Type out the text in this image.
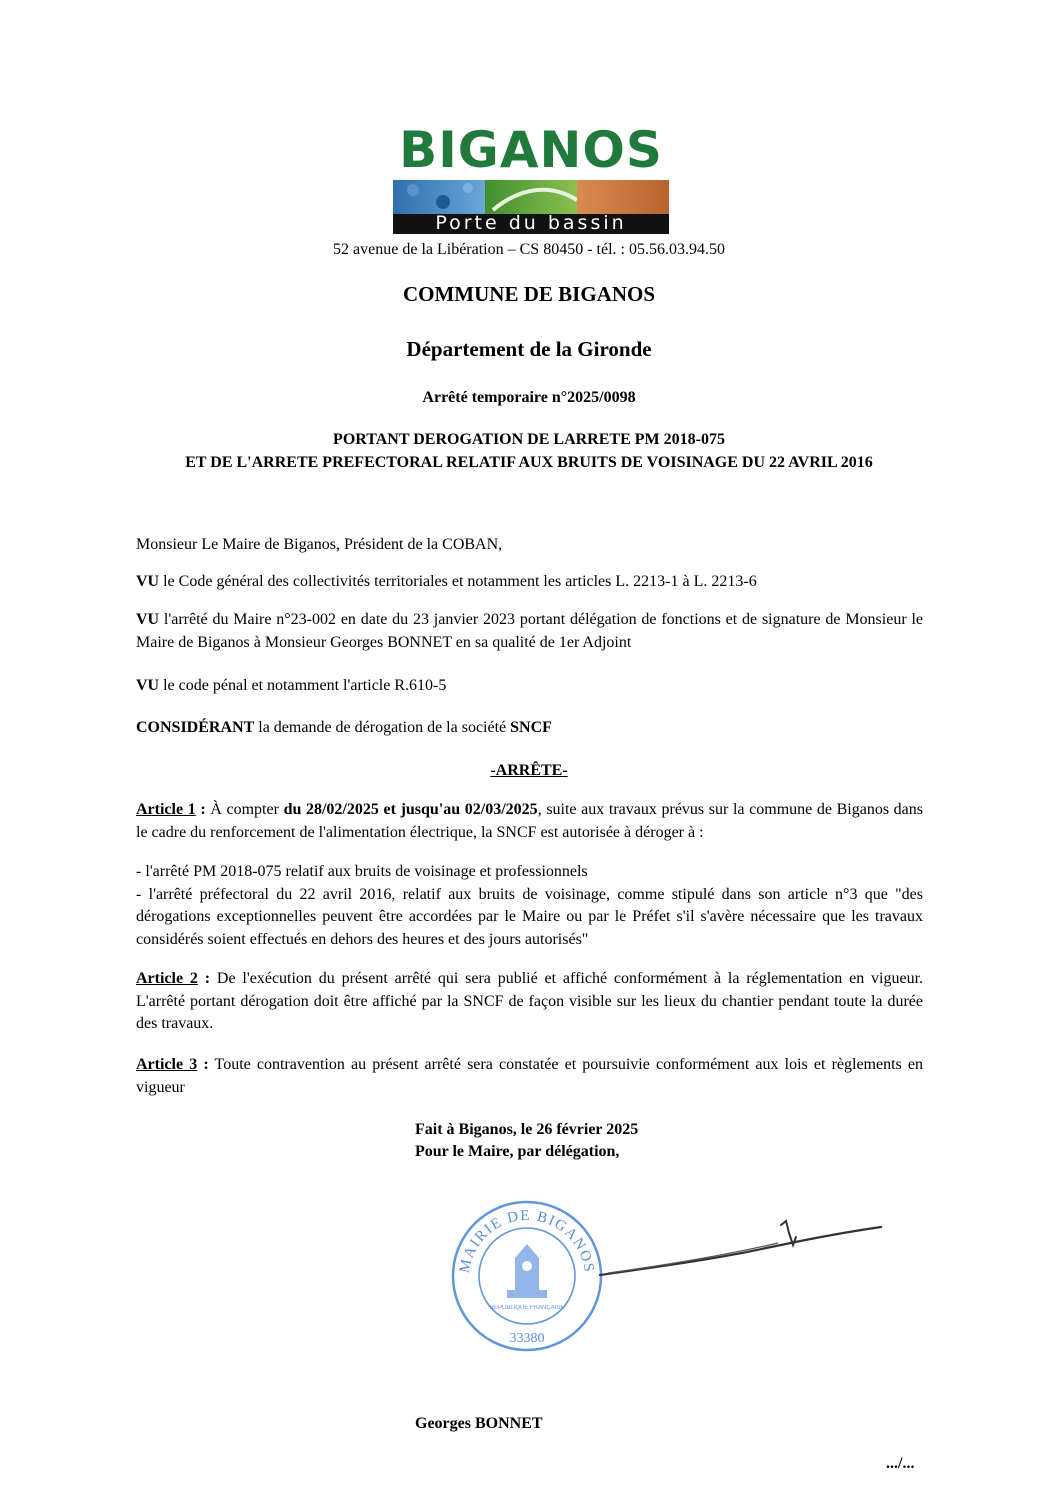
BIGANOS
Porte du bassin
52 avenue de la Libération – CS 80450 - tél. : 05.56.03.94.50
COMMUNE DE BIGANOS
Département de la Gironde
Arrêté temporaire n°2025/0098
PORTANT DEROGATION DE LARRETE PM 2018-075
ET DE L'ARRETE PREFECTORAL RELATIF AUX BRUITS DE VOISINAGE DU 22 AVRIL 2016

Monsieur Le Maire de Biganos, Président de la COBAN,

VU le Code général des collectivités territoriales et notamment les articles L. 2213-1 à L. 2213-6

VU l'arrêté du Maire n°23-002 en date du 23 janvier 2023 portant délégation de fonctions et de signature de Monsieur le Maire de Biganos à Monsieur Georges BONNET en sa qualité de 1er Adjoint

VU le code pénal et notamment l'article R.610-5

CONSIDÉRANT la demande de dérogation de la société SNCF

-ARRÊTE-

Article 1 : À compter du 28/02/2025 et jusqu'au 02/03/2025, suite aux travaux prévus sur la commune de Biganos dans le cadre du renforcement de l'alimentation électrique, la SNCF est autorisée à déroger à :

- l'arrêté PM 2018-075 relatif aux bruits de voisinage et professionnels

- l'arrêté préfectoral du 22 avril 2016, relatif aux bruits de voisinage, comme stipulé dans son article n°3 que "des dérogations exceptionnelles peuvent être accordées par le Maire ou par le Préfet s'il s'avère nécessaire que les travaux considérés soient effectués en dehors des heures et des jours autorisés"

Article 2 : De l'exécution du présent arrêté qui sera publié et affiché conformément à la réglementation en vigueur. L'arrêté portant dérogation doit être affiché par la SNCF de façon visible sur les lieux du chantier pendant toute la durée des travaux.

Article 3 : Toute contravention au présent arrêté sera constatée et poursuivie conformément aux lois et règlements en vigueur

Fait à Biganos, le 26 février 2025
Pour le Maire, par délégation,
MAIRIE DE BIGANOS
REPUBLIQUE FRANÇAISE
33380
Georges BONNET
.../...
